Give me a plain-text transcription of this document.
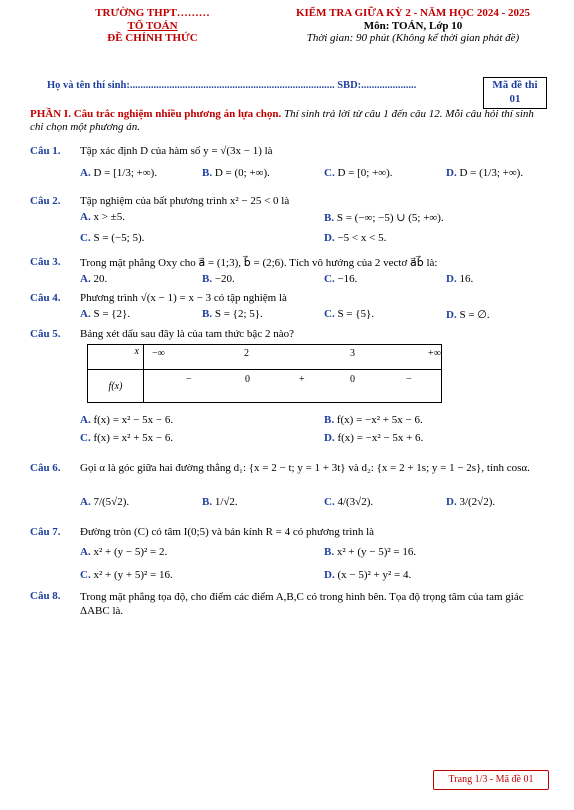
TRƯỜNG THPT………
TỔ TOÁN
ĐỀ CHÍNH THỨC
KIỂM TRA GIỮA KỲ 2 - NĂM HỌC 2024 - 2025
Môn: TOÁN, Lớp 10
Thời gian: 90 phút (Không kể thời gian phát đề)
Họ và tên thí sinh:.............................................................................. SBD:.....................	Mã đề thi
01
PHẦN I. Câu trắc nghiệm nhiều phương án lựa chọn. Thí sinh trả lời từ câu 1 đến câu 12. Mỗi câu hỏi thí sinh chỉ chọn một phương án.
Câu 1. Tập xác định D của hàm số y = √(3x − 1) là
A. D = [1/3; +∞).	B. D = (0; +∞).	C. D = [0; +∞).	D. D = (1/3; +∞).
Câu 2. Tập nghiệm của bất phương trình x² − 25 < 0 là
A. x > ±5.	B. S = (−∞; −5) ∪ (5; +∞).
C. S = (−5; 5).	D. −5 < x < 5.
Câu 3. Trong mặt phẳng Oxy cho a⃗ = (1;3), b⃗ = (2;6). Tích vô hướng của 2 vectơ a⃗b⃗ là:
A. 20.	B. −20.	C. −16.	D. 16.
Câu 4. Phương trình √(x − 1) = x − 3 có tập nghiệm là
A. S = {2}.	B. S = {2; 5}.	C. S = {5}.	D. S = ∅.
Câu 5. Bảng xét dấu sau đây là của tam thức bậc 2 nào?
x	−∞ 2 3 +∞

f(x)	− 0 + 0 −
A. f(x) = x² − 5x − 6.	B. f(x) = −x² + 5x − 6.
C. f(x) = x² + 5x − 6.	D. f(x) = −x² − 5x + 6.
Câu 6. Gọi α là góc giữa hai đường thẳng d₁: {x = 2 − t; y = 1 + 3t} và d₂: {x = 2 + 1s; y = 1 − 2s}, tính cosα.
A. 7/(5√2).	B. 1/√2.	C. 4/(3√2).	D. 3/(2√2).
Câu 7. Đường tròn (C) có tâm I(0;5) và bán kính R = 4 có phương trình là
A. x² + (y − 5)² = 2.	B. x² + (y − 5)² = 16.
C. x² + (y + 5)² = 16.	D. (x − 5)² + y² = 4.
Câu 8. Trong mặt phẳng tọa độ, cho điểm các điểm A,B,C có trong hình bên. Tọa độ trọng tâm của tam giác ΔABC là.
Trang 1/3 - Mã đề 01
